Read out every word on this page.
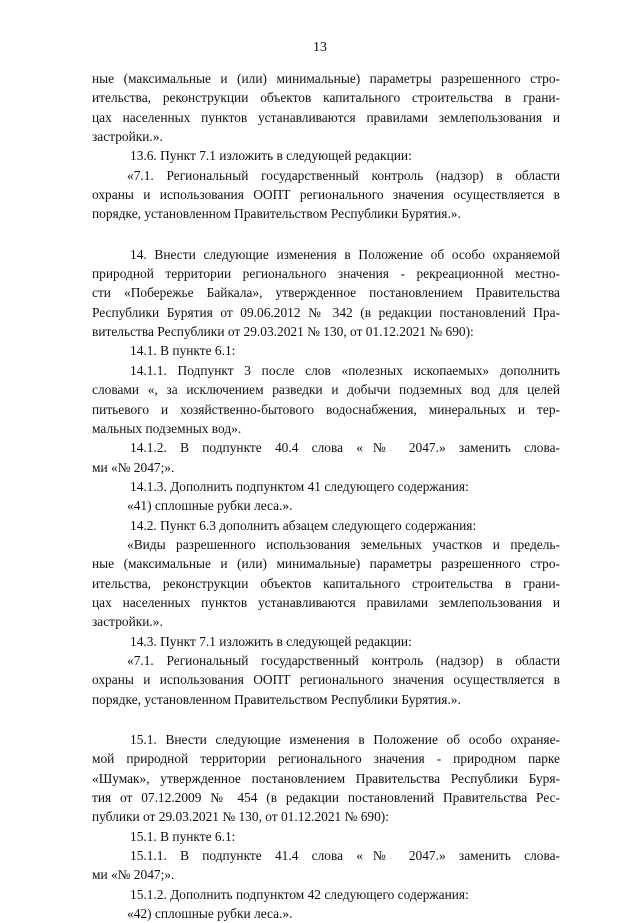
13
ные (максимальные и (или) минимальные) параметры разрешенного стро-
ительства, реконструкции объектов капитального строительства в грани-
цах населенных пунктов устанавливаются правилами землепользования и
застройки.».
13.6. Пункт 7.1 изложить в следующей редакции:
«7.1. Региональный государственный контроль (надзор) в области
охраны и использования ООПТ регионального значения осуществляется в
порядке, установленном Правительством Республики Бурятия.».
14. Внести следующие изменения в Положение об особо охраняемой
природной территории регионального значения - рекреационной местно-
сти «Побережье Байкала», утвержденное постановлением Правительства
Республики Бурятия от 09.06.2012 № 342 (в редакции постановлений Пра-
вительства Республики от 29.03.2021 № 130, от 01.12.2021 № 690):
14.1. В пункте 6.1:
14.1.1. Подпункт 3 после слов «полезных ископаемых» дополнить
словами «, за исключением разведки и добычи подземных вод для целей
питьевого и хозяйственно-бытового водоснабжения, минеральных и тер-
мальных подземных вод».
14.1.2. В подпункте 40.4 слова «№ 2047.» заменить слова-
ми «№ 2047;».
14.1.3. Дополнить подпунктом 41 следующего содержания:
«41) сплошные рубки леса.».
14.2. Пункт 6.3 дополнить абзацем следующего содержания:
«Виды разрешенного использования земельных участков и предель-
ные (максимальные и (или) минимальные) параметры разрешенного стро-
ительства, реконструкции объектов капитального строительства в грани-
цах населенных пунктов устанавливаются правилами землепользования и
застройки.».
14.3. Пункт 7.1 изложить в следующей редакции:
«7.1. Региональный государственный контроль (надзор) в области
охраны и использования ООПТ регионального значения осуществляется в
порядке, установленном Правительством Республики Бурятия.».
15.1. Внести следующие изменения в Положение об особо охраняе-
мой природной территории регионального значения - природном парке
«Шумак», утвержденное постановлением Правительства Республики Буря-
тия от 07.12.2009 № 454 (в редакции постановлений Правительства Рес-
публики от 29.03.2021 № 130, от 01.12.2021 № 690):
15.1. В пункте 6.1:
15.1.1. В подпункте 41.4 слова «№ 2047.» заменить слова-
ми «№ 2047;».
15.1.2. Дополнить подпунктом 42 следующего содержания:
«42) сплошные рубки леса.».
